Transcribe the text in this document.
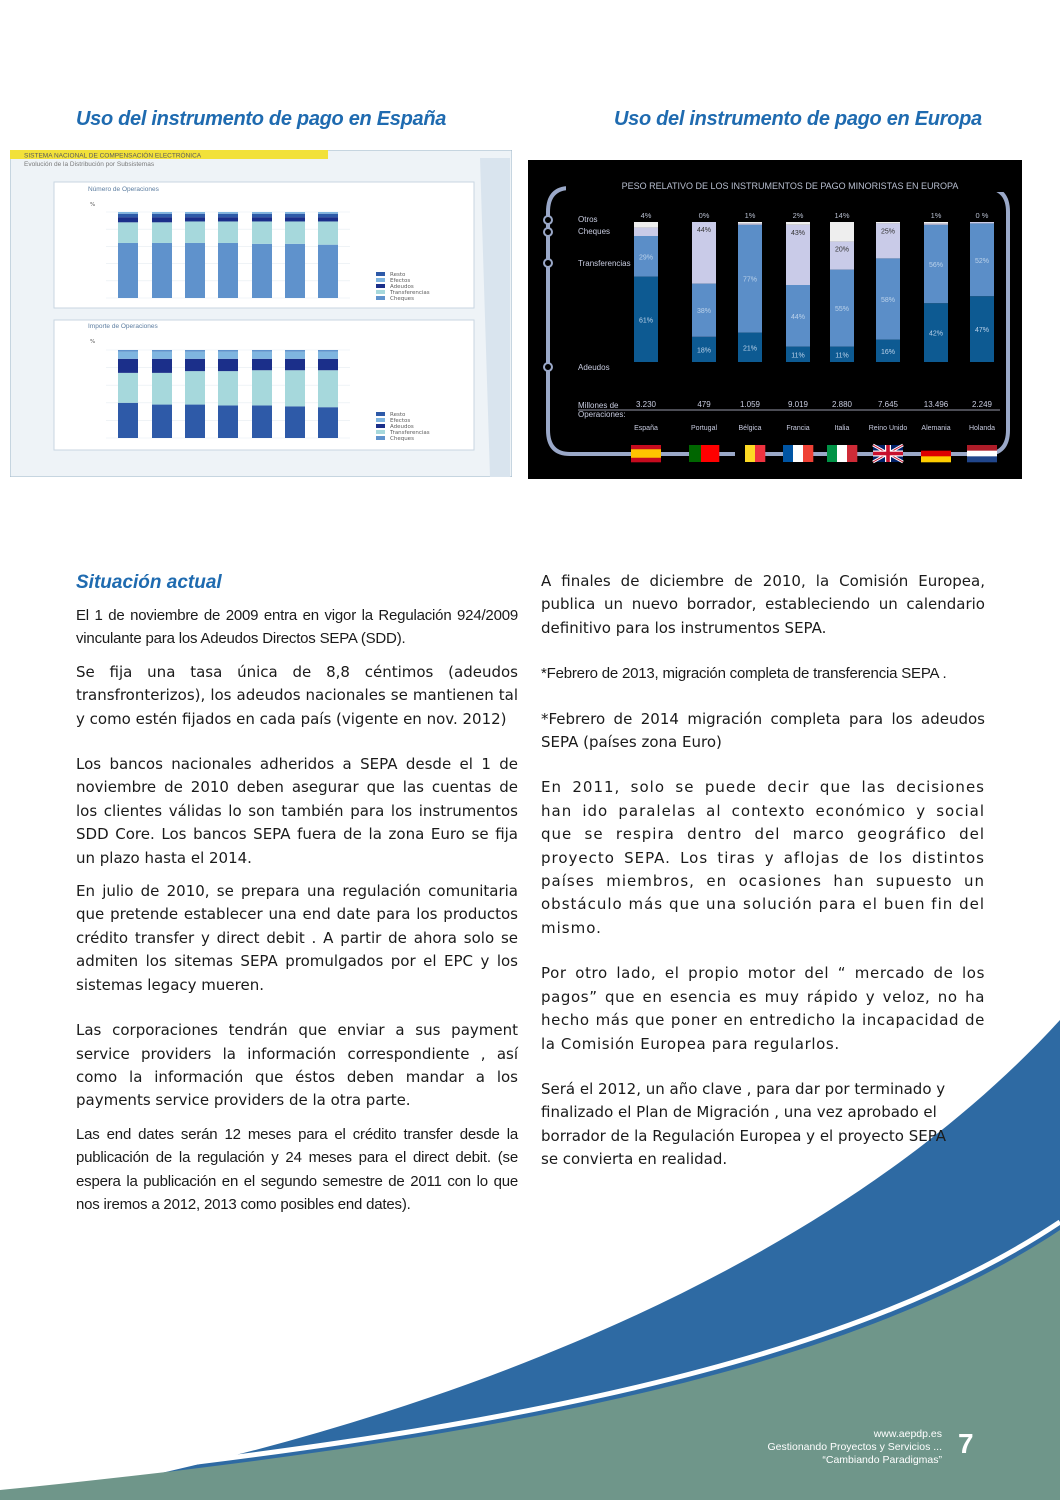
Uso del instrumento de pago en España	Uso del instrumento de pago en Europa
SISTEMA NACIONAL DE COMPENSACIÓN ELECTRÓNICA
Evolución de la Distribución por Subsistemas
Número de Operaciones
Importe de Operaciones
%
%
Resto
Efectos
Adeudos
Transferencias
Cheques
Resto
Efectos
Adeudos
Transferencias
Cheques
PESO RELATIVO DE LOS INSTRUMENTOS DE PAGO MINORISTAS EN EUROPA
Otros
Cheques
Transferencias
Adeudos
Millones de
Operaciones:
61%
29%
4%
3.230
España
18%
38%
44%
0%
479
Portugal
21%
77%
1%
1.059
Bélgica
11%
44%
43%
2%
9.019
Francia
11%
55%
20%
14%
2.880
Italia
16%
58%
25%
7.645
Reino Unido
42%
56%
1%
13.496
Alemania
47%
52%
0 %
2.249
Holanda
Situación actual

El 1 de noviembre de 2009 entra en vigor la Regulación 924/2009 vinculante para los Adeudos Directos SEPA (SDD).

Se fija una tasa única de 8,8 céntimos (adeudos transfronterizos), los adeudos nacionales se mantienen tal y como estén fijados en cada país (vigente en nov. 2012)

Los bancos nacionales adheridos a SEPA desde el 1 de noviembre de 2010 deben asegurar que las cuentas de los clientes válidas lo son también para los instrumentos SDD Core. Los bancos SEPA fuera de la zona Euro se fija un plazo hasta el 2014.

En julio de 2010, se prepara una regulación comunitaria que pretende establecer una end date para los productos crédito transfer y direct debit . A partir de ahora solo se admiten los sitemas SEPA promulgados por el EPC y los sistemas legacy mueren.

Las corporaciones tendrán que enviar a sus payment service providers la información correspondiente , así como la información que éstos deben mandar a los payments service providers de la otra parte.

Las end dates serán 12 meses para el crédito transfer desde la publicación de la regulación y 24 meses para el direct debit. (se espera la publicación en el segundo semestre de 2011 con lo que nos iremos a 2012, 2013 como posibles end dates).

A finales de diciembre de 2010, la Comisión Europea, publica un nuevo borrador, estableciendo un calendario definitivo para los instrumentos SEPA.

*Febrero de 2013, migración completa de transferencia SEPA .

*Febrero de 2014 migración completa para los adeudos SEPA (países zona Euro)

En 2011, solo se puede decir que las decisiones han ido paralelas al contexto económico y social que se respira dentro del marco geográfico del proyecto SEPA. Los tiras y aflojas de los distintos países miembros, en ocasiones han supuesto un obstáculo más que una solución para el buen fin del mismo.

Por otro lado, el propio motor del “ mercado de los pagos” que en esencia es muy rápido y veloz, no ha hecho más que poner en entredicho la incapacidad de la Comisión Europea para regularlos.

Será el 2012, un año clave , para dar por terminado y finalizado el Plan de Migración , una vez aprobado el borrador de la Regulación Europea y el proyecto SEPA se convierta en realidad.

www.aepdp.es
Gestionando Proyectos y Servicios ...
“Cambiando Paradigmas”
7
